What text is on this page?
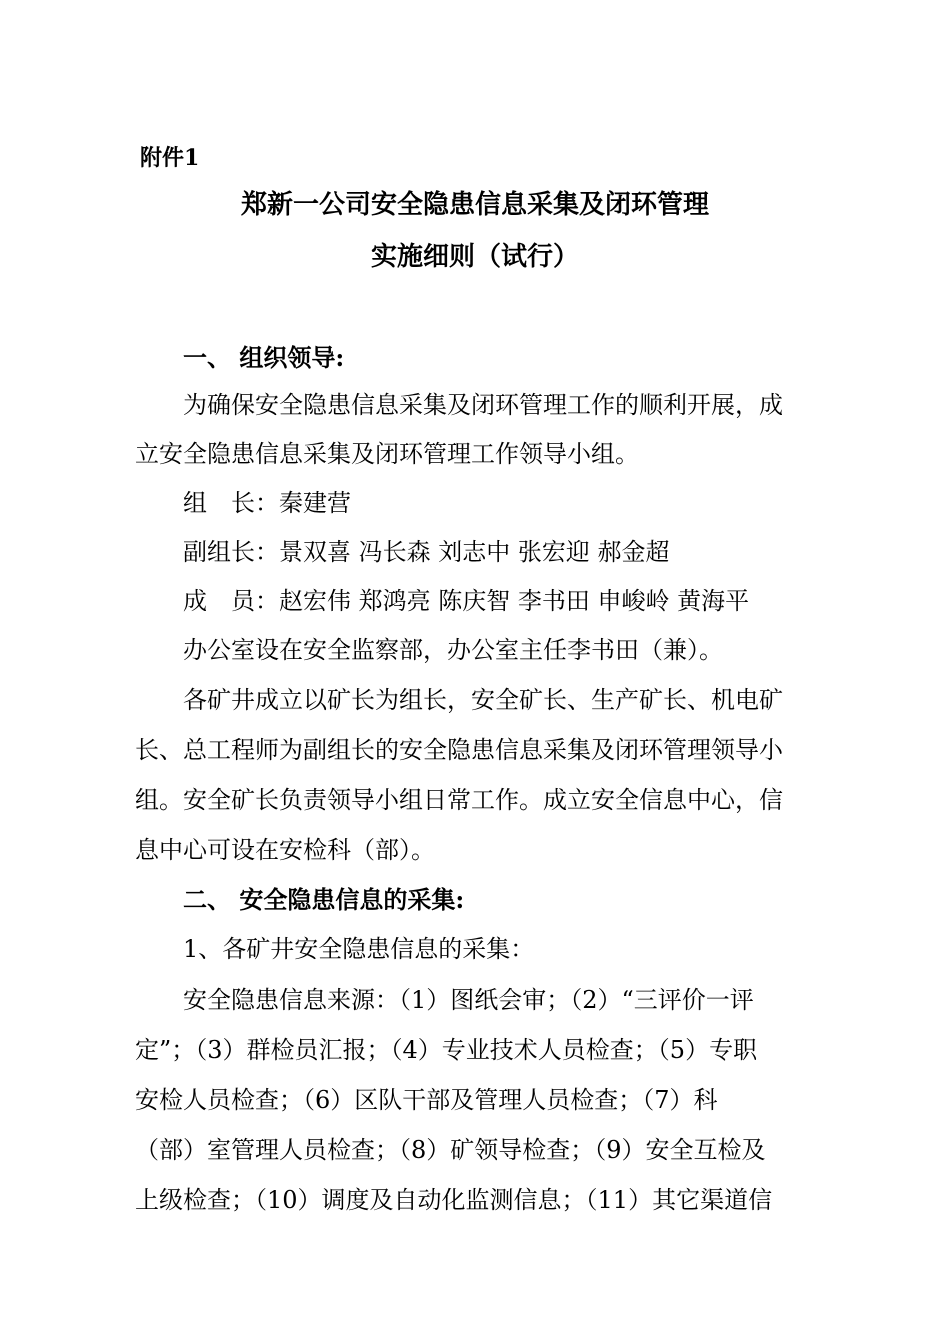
附件1
郑新一公司安全隐患信息采集及闭环管理
实施细则（试行）
一、 组织领导:
为确保安全隐患信息采集及闭环管理工作的顺利开展，成
立安全隐患信息采集及闭环管理工作领导小组。
组　长：秦建营
副组长：景双喜 冯长森 刘志中 张宏迎 郝金超
成　员：赵宏伟 郑鸿亮 陈庆智 李书田 申峻岭 黄海平
办公室设在安全监察部，办公室主任李书田（兼）。
各矿井成立以矿长为组长，安全矿长、生产矿长、机电矿
长、总工程师为副组长的安全隐患信息采集及闭环管理领导小
组。安全矿长负责领导小组日常工作。成立安全信息中心，信
息中心可设在安检科（部）。
二、 安全隐患信息的采集:
1、各矿井安全隐患信息的采集：
安全隐患信息来源：（1）图纸会审；（2）“三评价一评
定”；（3）群检员汇报；（4）专业技术人员检查；（5）专职
安检人员检查；（6）区队干部及管理人员检查；（7）科
（部）室管理人员检查；（8）矿领导检查；（9）安全互检及
上级检查；（10）调度及自动化监测信息；（11）其它渠道信
